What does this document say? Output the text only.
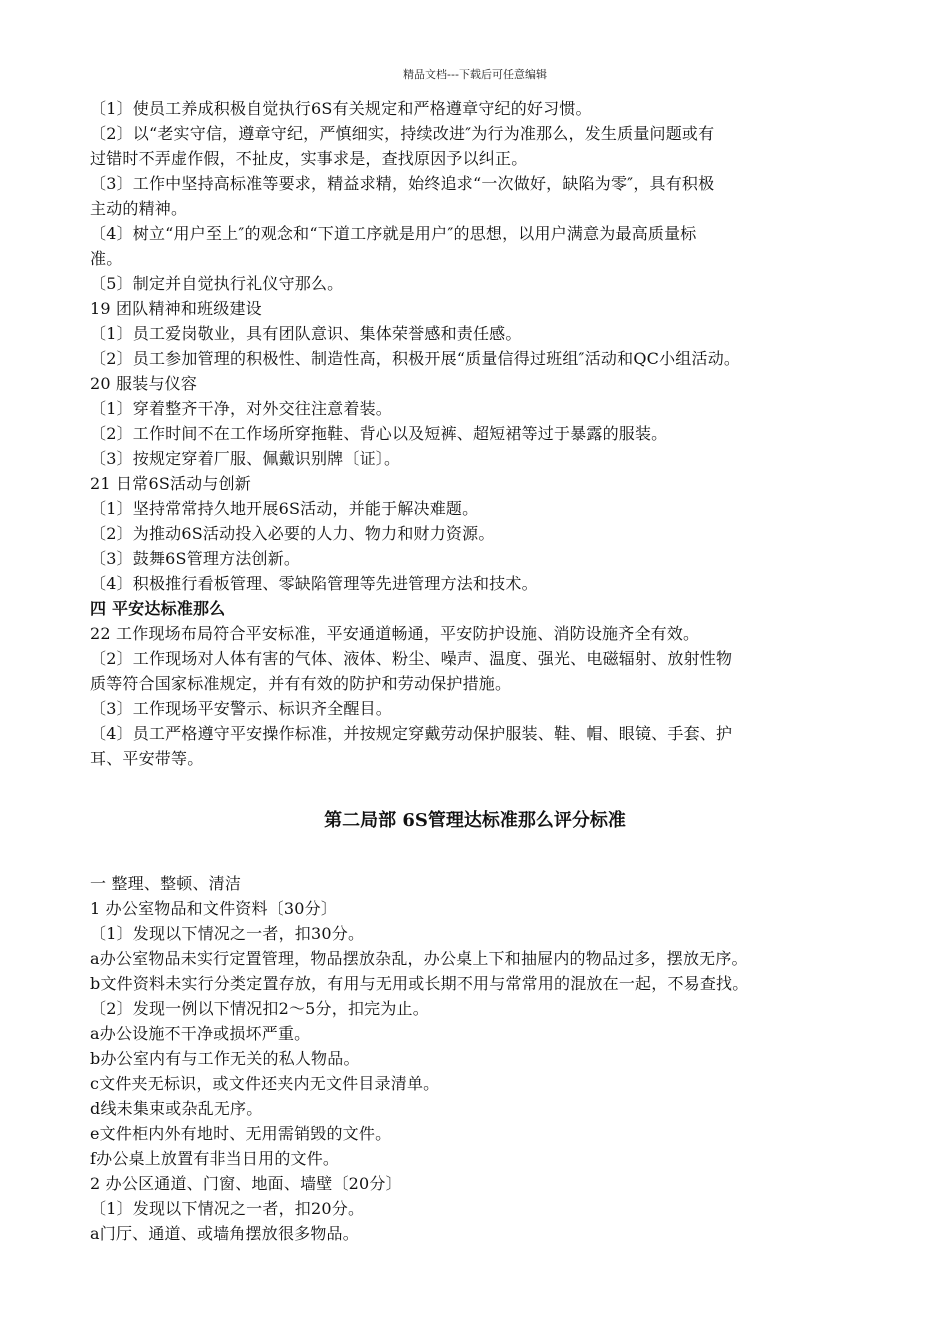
精品文档---下载后可任意编辑

〔1〕使员工养成积极自觉执行6S有关规定和严格遵章守纪的好习惯。

〔2〕以“老实守信，遵章守纪，严慎细实，持续改进″为行为准那么，发生质量问题或有

过错时不弄虚作假，不扯皮，实事求是，查找原因予以纠正。

〔3〕工作中坚持高标准等要求，精益求精，始终追求“一次做好，缺陷为零″，具有积极

主动的精神。

〔4〕树立“用户至上″的观念和“下道工序就是用户″的思想，以用户满意为最高质量标

准。

〔5〕制定并自觉执行礼仪守那么。

19 团队精神和班级建设

〔1〕员工爱岗敬业，具有团队意识、集体荣誉感和责任感。

〔2〕员工参加管理的积极性、制造性高，积极开展“质量信得过班组″活动和QC小组活动。

20 服装与仪容

〔1〕穿着整齐干净，对外交往注意着装。

〔2〕工作时间不在工作场所穿拖鞋、背心以及短裤、超短裙等过于暴露的服装。

〔3〕按规定穿着厂服、佩戴识别牌〔证〕。

21 日常6S活动与创新

〔1〕坚持常常持久地开展6S活动，并能于解决难题。

〔2〕为推动6S活动投入必要的人力、物力和财力资源。

〔3〕鼓舞6S管理方法创新。

〔4〕积极推行看板管理、零缺陷管理等先进管理方法和技术。

四 平安达标准那么

22 工作现场布局符合平安标准，平安通道畅通，平安防护设施、消防设施齐全有效。

〔2〕工作现场对人体有害的气体、液体、粉尘、噪声、温度、强光、电磁辐射、放射性物

质等符合国家标准规定，并有有效的防护和劳动保护措施。

〔3〕工作现场平安警示、标识齐全醒目。

〔4〕员工严格遵守平安操作标准，并按规定穿戴劳动保护服装、鞋、帽、眼镜、手套、护

耳、平安带等。

第二局部 6S管理达标准那么评分标准

一 整理、整顿、清洁

1 办公室物品和文件资料〔30分〕

〔1〕发现以下情况之一者，扣30分。

a办公室物品未实行定置管理，物品摆放杂乱，办公桌上下和抽屉内的物品过多，摆放无序。

b文件资料未实行分类定置存放，有用与无用或长期不用与常常用的混放在一起，不易查找。

〔2〕发现一例以下情况扣2～5分，扣完为止。

a办公设施不干净或损坏严重。

b办公室内有与工作无关的私人物品。

c文件夹无标识，或文件还夹内无文件目录清单。

d线未集束或杂乱无序。

e文件柜内外有地时、无用需销毁的文件。

f办公桌上放置有非当日用的文件。

2 办公区通道、门窗、地面、墙壁〔20分〕

〔1〕发现以下情况之一者，扣20分。

a门厅、通道、或墙角摆放很多物品。
